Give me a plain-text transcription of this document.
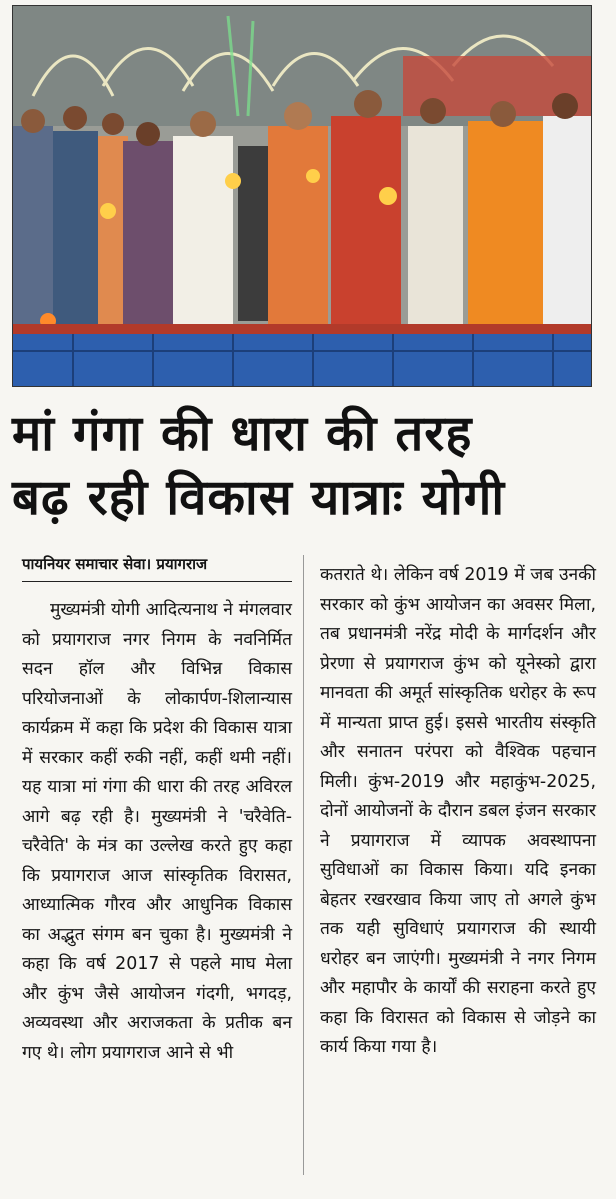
मां गंगा की धारा की तरह
बढ़ रही विकास यात्राः योगी
पायनियर समाचार सेवा। प्रयागराज

मुख्यमंत्री योगी आदित्यनाथ ने मंगलवार को प्रयागराज नगर निगम के नवनिर्मित सदन हॉल और विभिन्न विकास परियोजनाओं के लोकार्पण-शिलान्यास कार्यक्रम में कहा कि प्रदेश की विकास यात्रा में सरकार कहीं रुकी नहीं, कहीं थमी नहीं। यह यात्रा मां गंगा की धारा की तरह अविरल आगे बढ़ रही है। मुख्यमंत्री ने 'चरैवेति-चरैवेति' के मंत्र का उल्लेख करते हुए कहा कि प्रयागराज आज सांस्कृतिक विरासत, आध्यात्मिक गौरव और आधुनिक विकास का अद्भुत संगम बन चुका है। मुख्यमंत्री ने कहा कि वर्ष 2017 से पहले माघ मेला और कुंभ जैसे आयोजन गंदगी, भगदड़, अव्यवस्था और अराजकता के प्रतीक बन गए थे। लोग प्रयागराज आने से भी

कतराते थे। लेकिन वर्ष 2019 में जब उनकी सरकार को कुंभ आयोजन का अवसर मिला, तब प्रधानमंत्री नरेंद्र मोदी के मार्गदर्शन और प्रेरणा से प्रयागराज कुंभ को यूनेस्को द्वारा मानवता की अमूर्त सांस्कृतिक धरोहर के रूप में मान्यता प्राप्त हुई। इससे भारतीय संस्कृति और सनातन परंपरा को वैश्विक पहचान मिली। कुंभ-2019 और महाकुंभ-2025, दोनों आयोजनों के दौरान डबल इंजन सरकार ने प्रयागराज में व्यापक अवस्थापना सुविधाओं का विकास किया। यदि इनका बेहतर रखरखाव किया जाए तो अगले कुंभ तक यही सुविधाएं प्रयागराज की स्थायी धरोहर बन जाएंगी। मुख्यमंत्री ने नगर निगम और महापौर के कार्यों की सराहना करते हुए कहा कि विरासत को विकास से जोड़ने का कार्य किया गया है।
